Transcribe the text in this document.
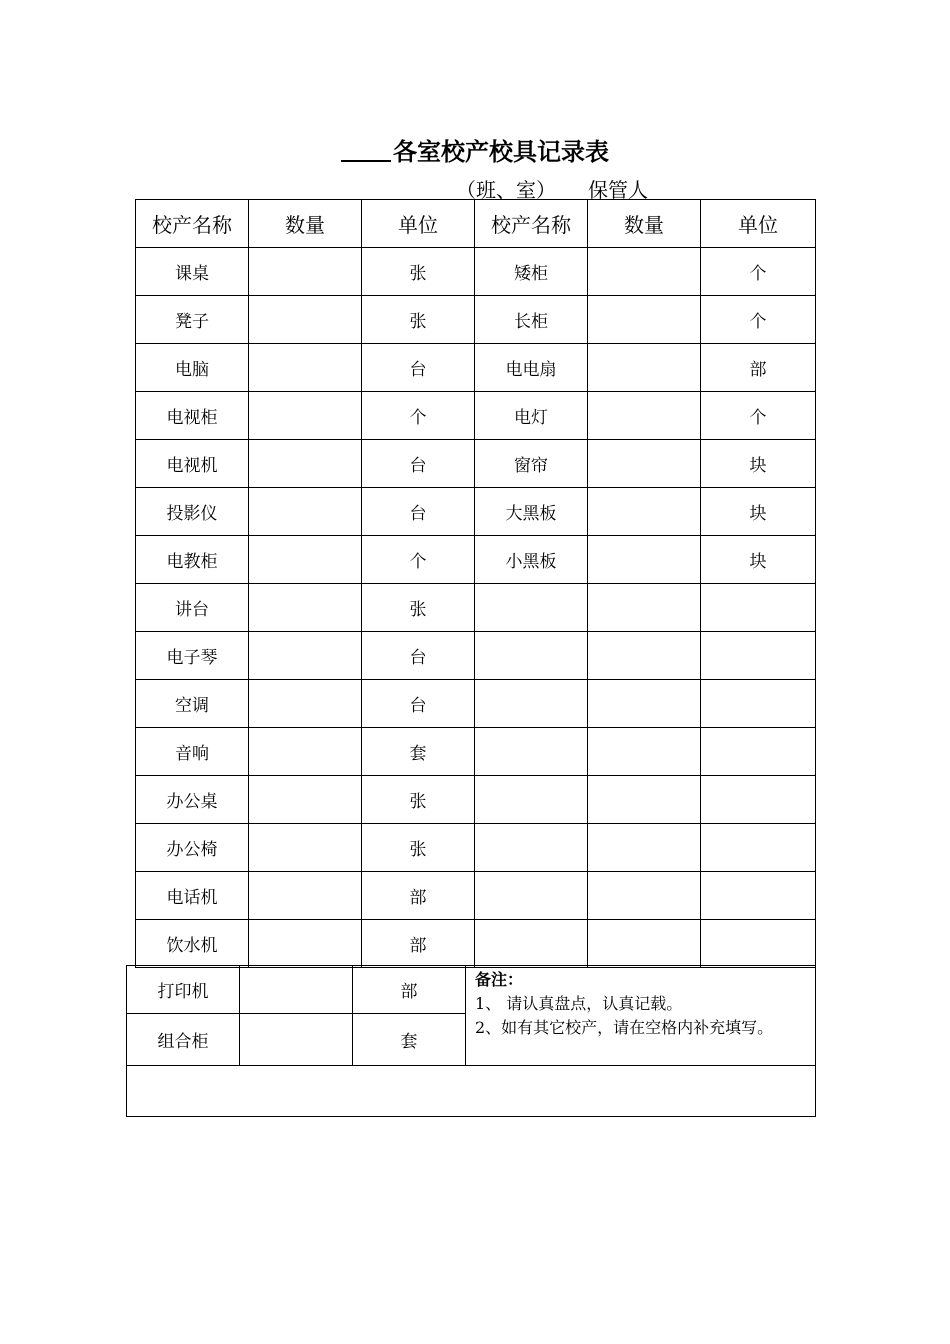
各室校产校具记录表
（班、室） 保管人
校产名称	数量	单位	校产名称	数量	单位
课桌		张	矮柜		个
凳子		张	长柜		个
电脑		台	电电扇		部
电视柜		个	电灯		个
电视机		台	窗帘		块
投影仪		台	大黑板		块
电教柜		个	小黑板		块
讲台		张			
电子琴		台			
空调		台			
音响		套			
办公桌		张			
办公椅		张			
电话机		部			
饮水机		部			
打印机		部	备注：
1、 请认真盘点，认真记载。
2、如有其它校产，请在空格内补充填写。

组合柜		套	
